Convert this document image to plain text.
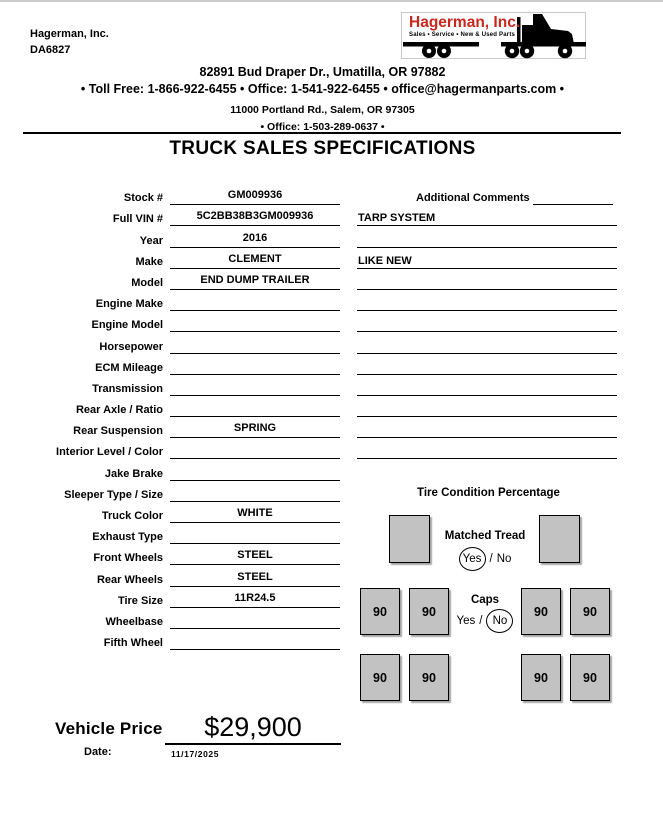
Hagerman, Inc.
DA6827
Hagerman, Inc.
Sales • Service • New & Used Parts
82891 Bud Draper Dr., Umatilla, OR 97882
• Toll Free: 1-866-922-6455 • Office: 1-541-922-6455 • office@hagermanparts.com •
11000 Portland Rd., Salem, OR 97305
• Office: 1-503-289-0637 •
TRUCK SALES SPECIFICATIONS
Stock #	GM009936
Full VIN #	5C2BB38B3GM009936
Year	2016
Make	CLEMENT
Model	END DUMP TRAILER
Engine Make
Engine Model
Horsepower
ECM Mileage
Transmission
Rear Axle / Ratio
Rear Suspension	SPRING
Interior Level / Color
Jake Brake
Sleeper Type / Size
Truck Color	WHITE
Exhaust Type
Front Wheels	STEEL
Rear Wheels	STEEL
Tire Size	11R24.5
Wheelbase
Fifth Wheel
Additional Comments
TARP SYSTEM
LIKE NEW
Tire Condition Percentage
Matched Tread
Yes / No
90	90	90	90
Caps
Yes / No
90	90	90	90
Vehicle Price	$29,900
Date:	11/17/2025
